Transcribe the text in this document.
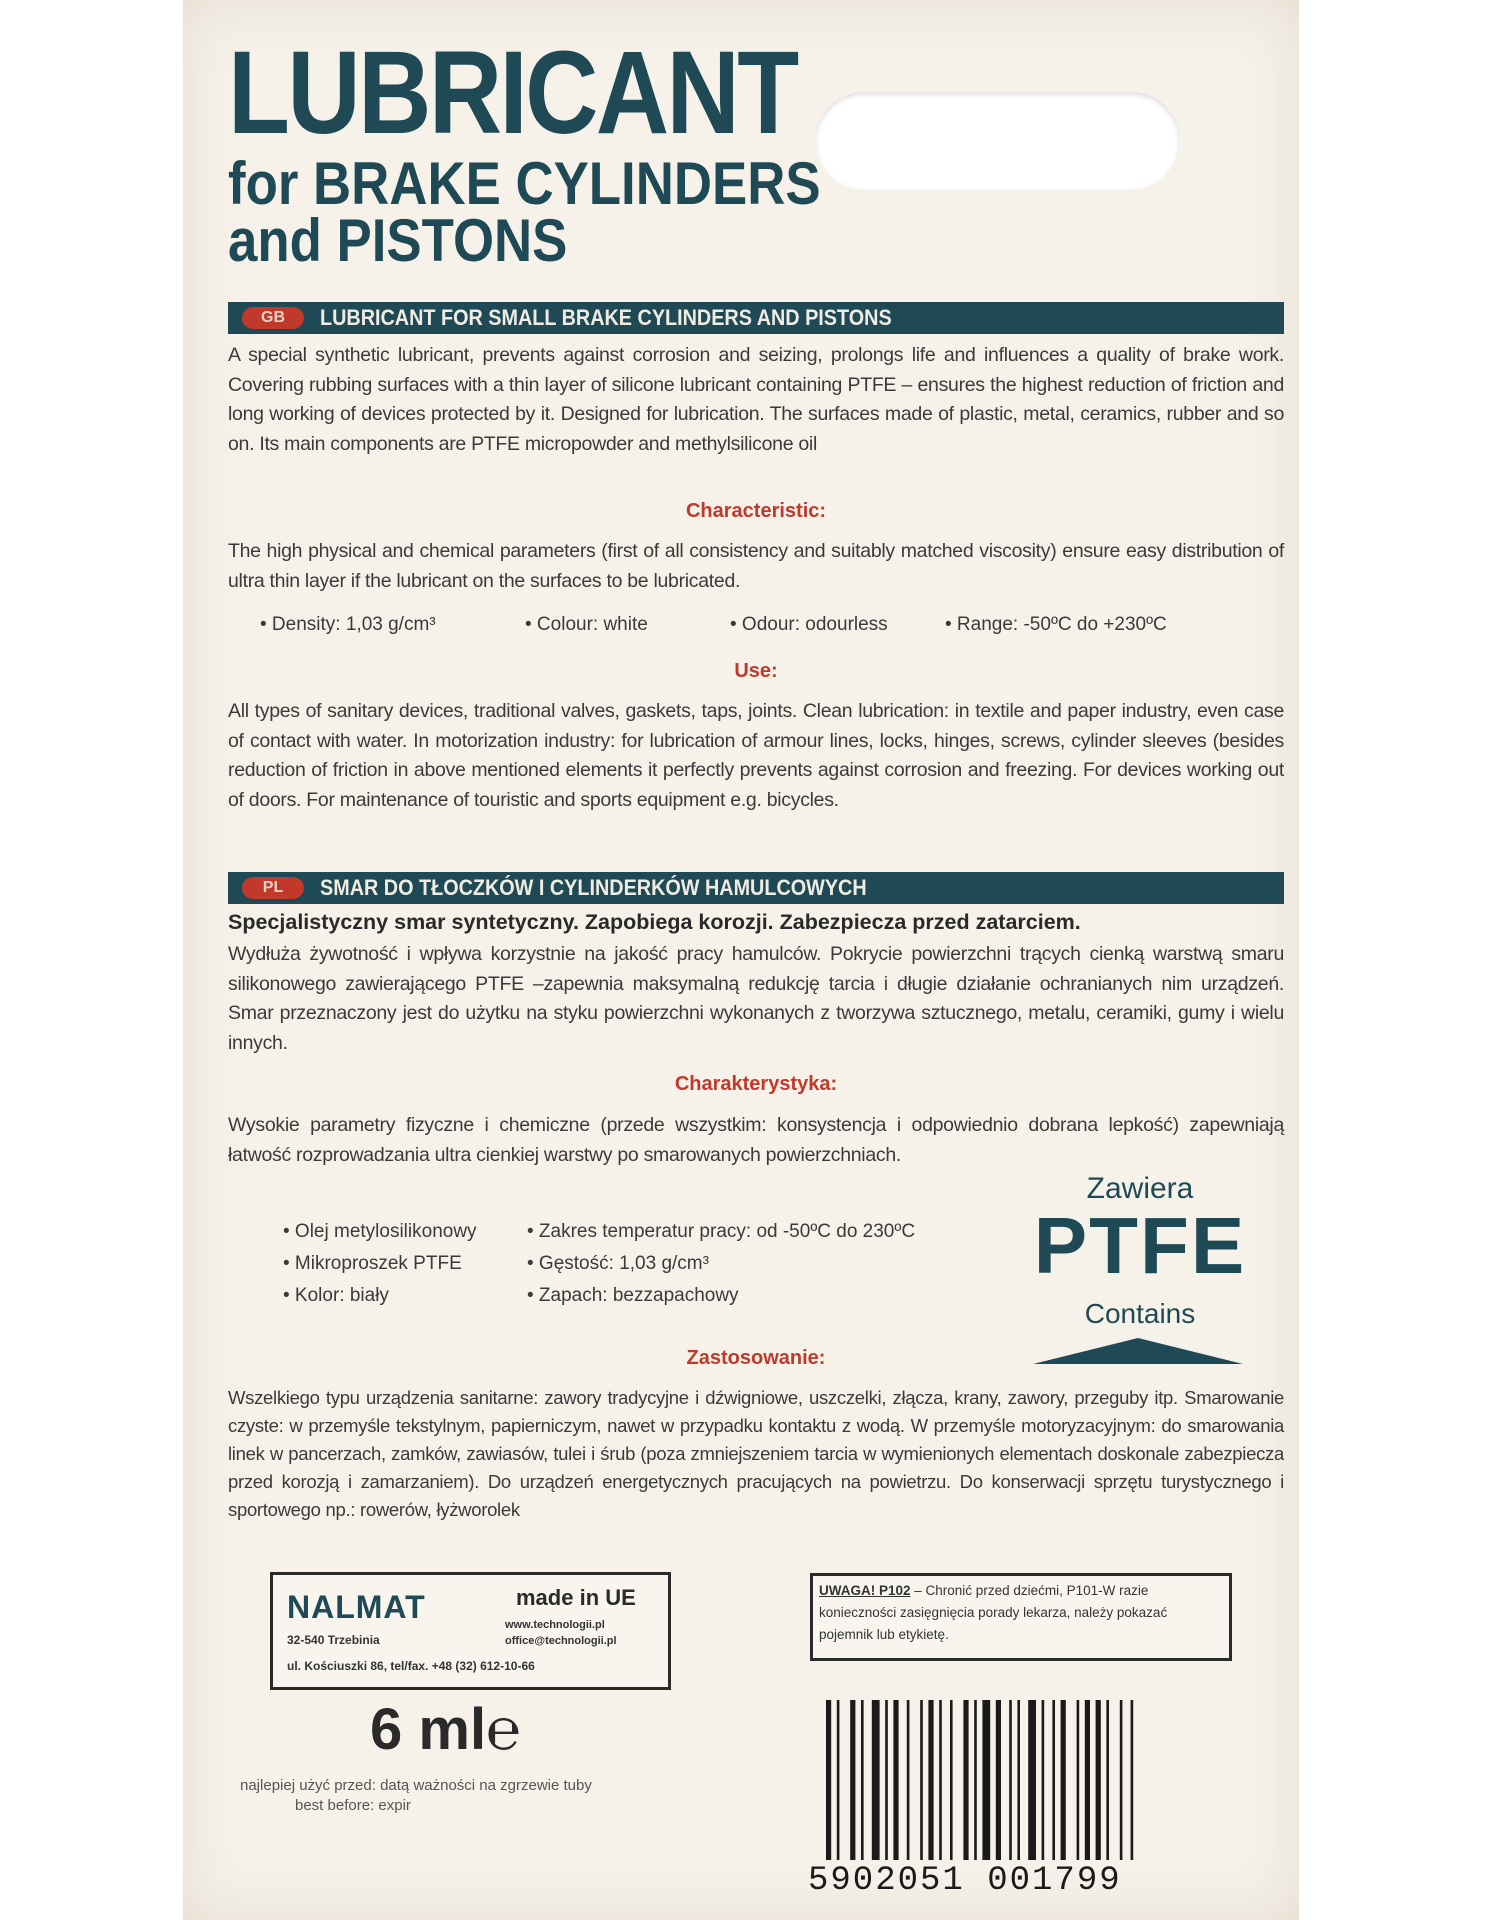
LUBRICANT
for BRAKE CYLINDERS
and PISTONS
GB	LUBRICANT FOR SMALL BRAKE CYLINDERS AND PISTONS
A special synthetic lubricant, prevents against corrosion and seizing, prolongs life and influences a quality of brake work. Covering rubbing surfaces with a thin layer of silicone lubricant containing PTFE – ensures the highest reduction of friction and long working of devices protected by it. Designed for lubrication. The surfaces made of plastic, metal, ceramics, rubber and so on. Its main components are PTFE micropowder and methylsilicone oil
Characteristic:
The high physical and chemical parameters (first of all consistency and suitably matched viscosity) ensure easy distribution of ultra thin layer if the lubricant on the surfaces to be lubricated.
• Density: 1,03 g/cm³	• Colour: white	• Odour: odourless	• Range: -50ºC do +230ºC
Use:
All types of sanitary devices, traditional valves, gaskets, taps, joints. Clean lubrication: in textile and paper industry, even case of contact with water. In motorization industry: for lubrication of armour lines, locks, hinges, screws, cylinder sleeves (besides reduction of friction in above mentioned elements it perfectly prevents against corrosion and freezing. For devices working out of doors. For maintenance of touristic and sports equipment e.g. bicycles.
PL	SMAR DO TŁOCZKÓW I CYLINDERKÓW HAMULCOWYCH
Specjalistyczny smar syntetyczny. Zapobiega korozji. Zabezpiecza przed zatarciem.
Wydłuża żywotność i wpływa korzystnie na jakość pracy hamulców. Pokrycie powierzchni trących cienką warstwą smaru silikonowego zawierającego PTFE –zapewnia maksymalną redukcję tarcia i długie działanie ochranianych nim urządzeń. Smar przeznaczony jest do użytku na styku powierzchni wykonanych z tworzywa sztucznego, metalu, ceramiki, gumy i wielu innych.
Charakterystyka:
Wysokie parametry fizyczne i chemiczne (przede wszystkim: konsystencja i odpowiednio dobrana lepkość) zapewniają łatwość rozprowadzania ultra cienkiej warstwy po smarowanych powierzchniach.
• Olej metylosilikonowy
• Mikroproszek PTFE
• Kolor: biały
• Zakres temperatur pracy: od -50ºC do 230ºC
• Gęstość: 1,03 g/cm³
• Zapach: bezzapachowy
Zawiera
PTFE
Contains
Zastosowanie:
Wszelkiego typu urządzenia sanitarne: zawory tradycyjne i dźwigniowe, uszczelki, złącza, krany, zawory, przeguby itp. Smarowanie czyste: w przemyśle tekstylnym, papierniczym, nawet w przypadku kontaktu z wodą. W przemyśle motoryzacyjnym: do smarowania linek w pancerzach, zamków, zawiasów, tulei i śrub (poza zmniejszeniem tarcia w wymienionych elementach doskonale zabezpiecza przed korozją i zamarzaniem). Do urządzeń energetycznych pracujących na powietrzu. Do konserwacji sprzętu turystycznego i sportowego np.: rowerów, łyżworolek
NALMAT
32-540 Trzebinia
made in UE
www.technologii.pl
office@technologii.pl
ul. Kościuszki 86, tel/fax. +48 (32) 612-10-66
UWAGA! P102 – Chronić przed dziećmi, P101-W razie konieczności zasięgnięcia porady lekarza, należy pokazać pojemnik lub etykietę.
6 ml℮
najlepiej użyć przed: datą ważności na zgrzewie tuby
best before: expir
5902051 001799
